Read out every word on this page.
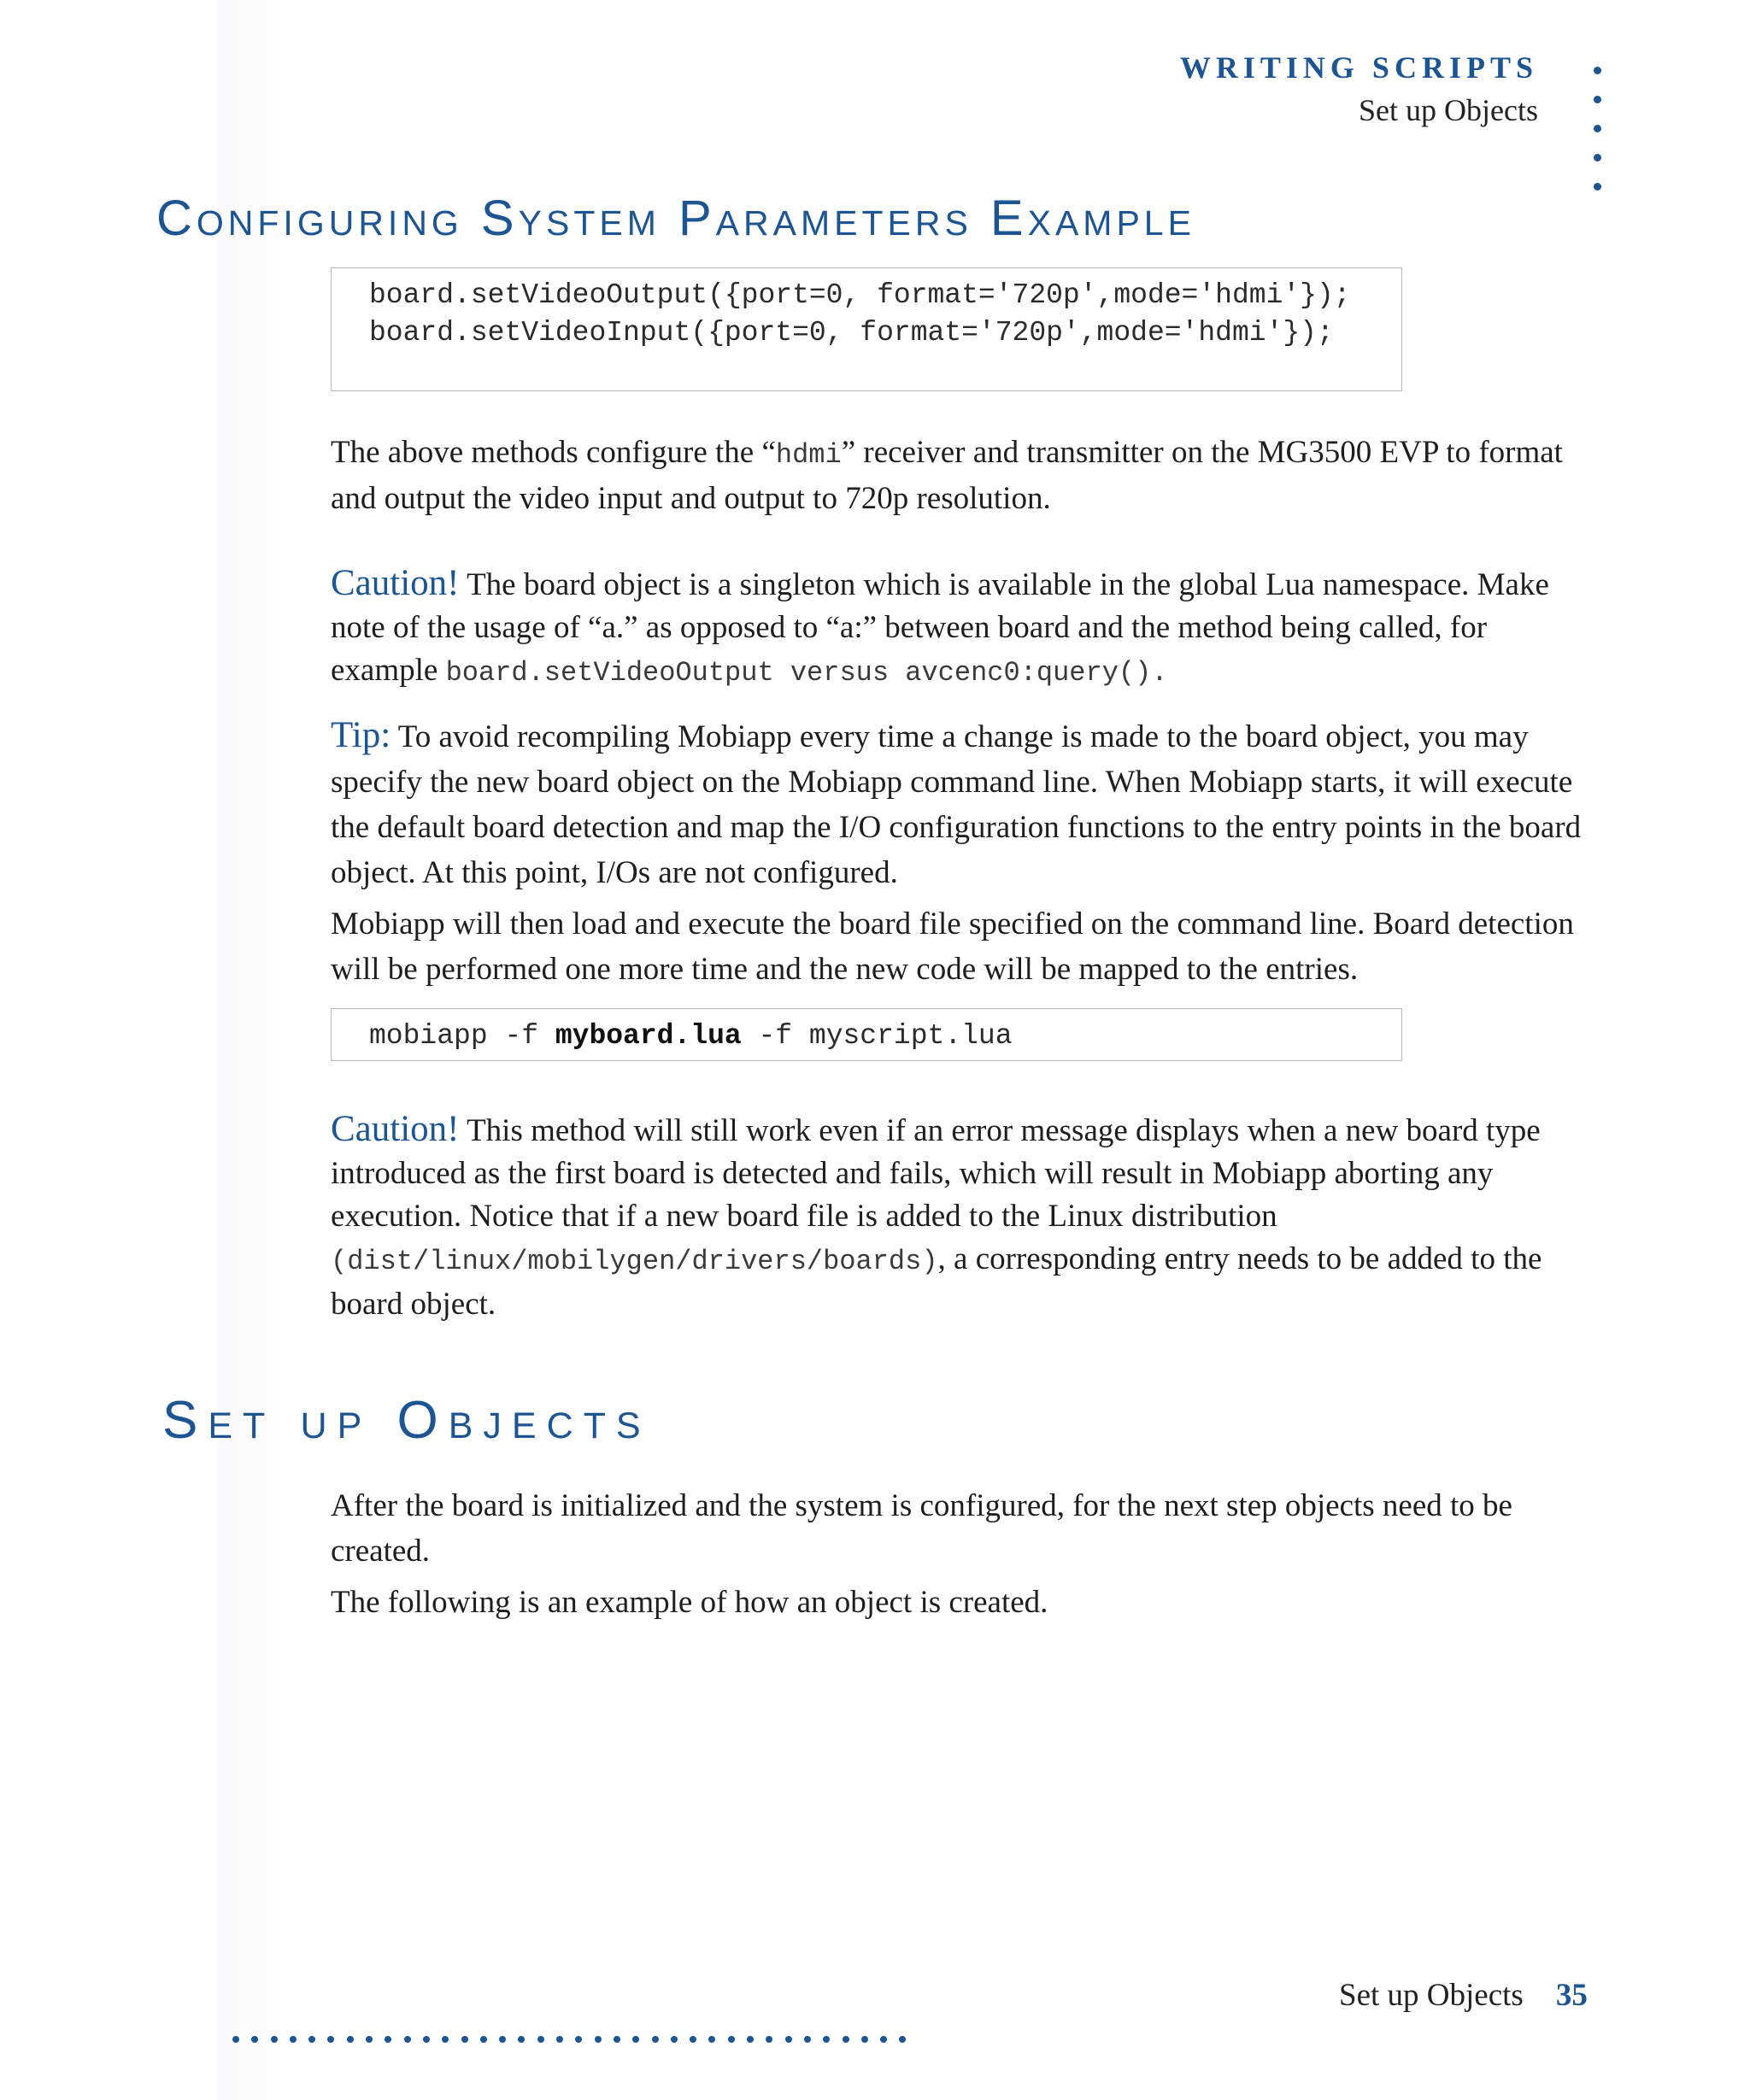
WRITING SCRIPTS
Set up Objects
Configuring System Parameters Example
board.setVideoOutput({port=0, format='720p',mode='hdmi'});
board.setVideoInput({port=0, format='720p',mode='hdmi'});

The above methods configure the “hdmi” receiver and transmitter on the MG3500 EVP to format and output the video input and output to 720p resolution.

Caution! The board object is a singleton which is available in the global Lua namespace. Make note of the usage of “a.” as opposed to “a:” between board and the method being called, for example board.setVideoOutput versus avcenc0:query().

Tip: To avoid recompiling Mobiapp every time a change is made to the board object, you may specify the new board object on the Mobiapp command line. When Mobiapp starts, it will execute the default board detection and map the I/O configuration functions to the entry points in the board object. At this point, I/Os are not configured.

Mobiapp will then load and execute the board file specified on the command line. Board detection will be performed one more time and the new code will be mapped to the entries.

mobiapp -f myboard.lua -f myscript.lua

Caution! This method will still work even if an error message displays when a new board type introduced as the first board is detected and fails, which will result in Mobiapp aborting any execution. Notice that if a new board file is added to the Linux distribution (dist/linux/mobilygen/drivers/boards), a corresponding entry needs to be added to the board object.

Set up Objects

After the board is initialized and the system is configured, for the next step objects need to be created.

The following is an example of how an object is created.

Set up Objects 35
